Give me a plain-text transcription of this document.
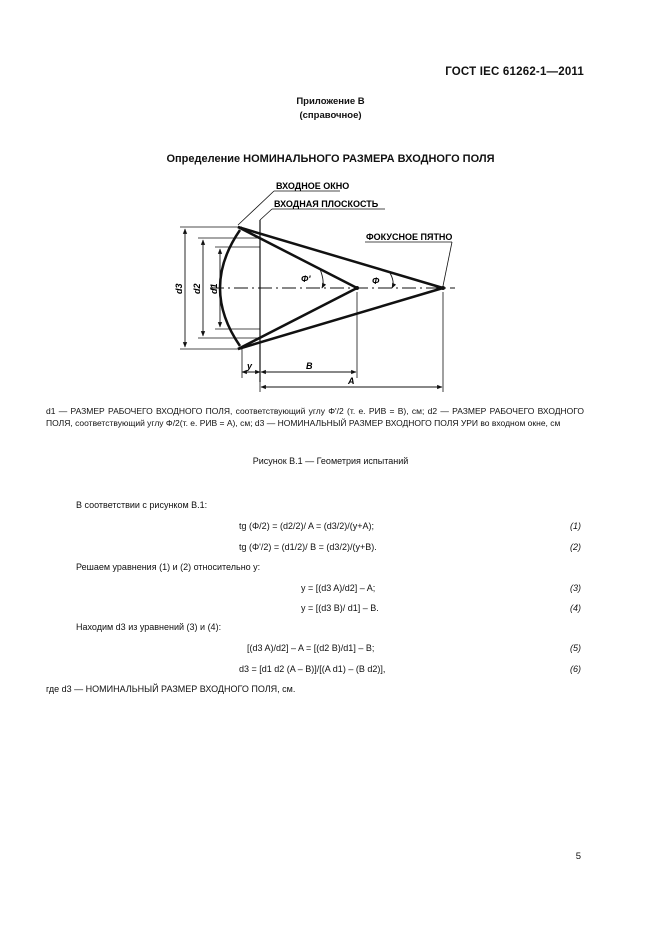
ГОСТ IEC 61262-1—2011
Приложение В
(справочное)
Определение НОМИНАЛЬНОГО РАЗМЕРА ВХОДНОГО ПОЛЯ
ВХОДНОЕ ОКНО
ВХОДНАЯ ПЛОСКОСТЬ
ФОКУСНОЕ ПЯТНО
d3 d2 d1
Φ'	Φ
y	B
A
d1 — РАЗМЕР РАБОЧЕГО ВХОДНОГО ПОЛЯ, соответствующий углу Φ'/2 (т. е. РИВ = B), см; d2 — РАЗМЕР РАБОЧЕГО ВХОДНОГО ПОЛЯ, соответствующий углу Φ/2(т. е. РИВ = A), см; d3 — НОМИНАЛЬНЫЙ РАЗМЕР ВХОДНОГО ПОЛЯ УРИ во входном окне, см
Рисунок В.1 — Геометрия испытаний
В соответствии с рисунком В.1:
tg (Φ/2) = (d2/2)/ A = (d3/2)/(y+A);	(1)
tg (Φ'/2) = (d1/2)/ B = (d3/2)/(y+B).	(2)
Решаем уравнения (1) и (2) относительно y:
y = [(d3 A)/d2] – A;	(3)
y = [(d3 B)/ d1] – B.	(4)
Находим d3 из уравнений (3) и (4):
[(d3 A)/d2] – A = [(d2 B)/d1] – B;	(5)
d3 = [d1 d2 (A – B)]/[(A d1) – (B d2)],	(6)
где d3 — НОМИНАЛЬНЫЙ РАЗМЕР ВХОДНОГО ПОЛЯ, см.
5
